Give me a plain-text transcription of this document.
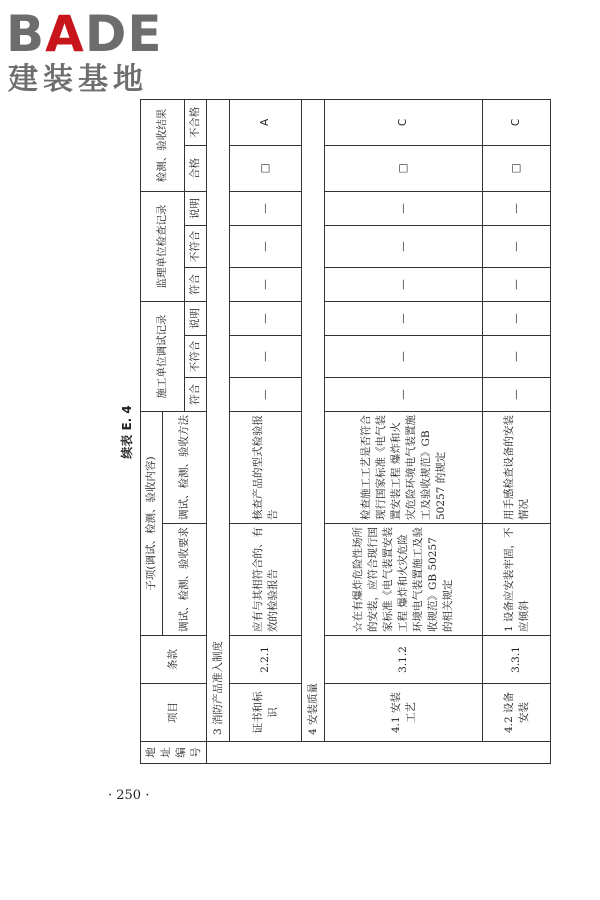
BADE
建装基地
续表 E. 4
地址编号	项目	条款	子项(调试、检测、验收内容)		施工单位调试记录			监理单位检查记录			检测、验收结果	
			调试、检测、验收要求	调试、检测、验收方法								
					符合	不符合	说明	符合	不符合	说明	合格	不合格
	3 消防产品准入制度											
	证书和标识	2.2.1	应有与其相符合的、有效的检验报告	核查产品的型式检验报告	—	—	—	—	—	—	□	A
	4 安装质量											
	4.1 安装工艺	3.1.2	☆在有爆炸危险性场所的安装，应符合现行国家标准《电气装置安装工程 爆炸和火灾危险环境电气装置施工及验收规范》GB 50257 的相关规定	检查施工工艺是否符合现行国家标准《电气装置安装工程 爆炸和火灾危险环境电气装置施工及验收规范》GB 50257 的规定	—	—	—	—	—	—	□	C
	4.2 设备安装	3.3.1	1 设备应安装牢固，不应倾斜	用手感检查设备的安装情况	—	—	—	—	—	—	□	C
· 250 ·
